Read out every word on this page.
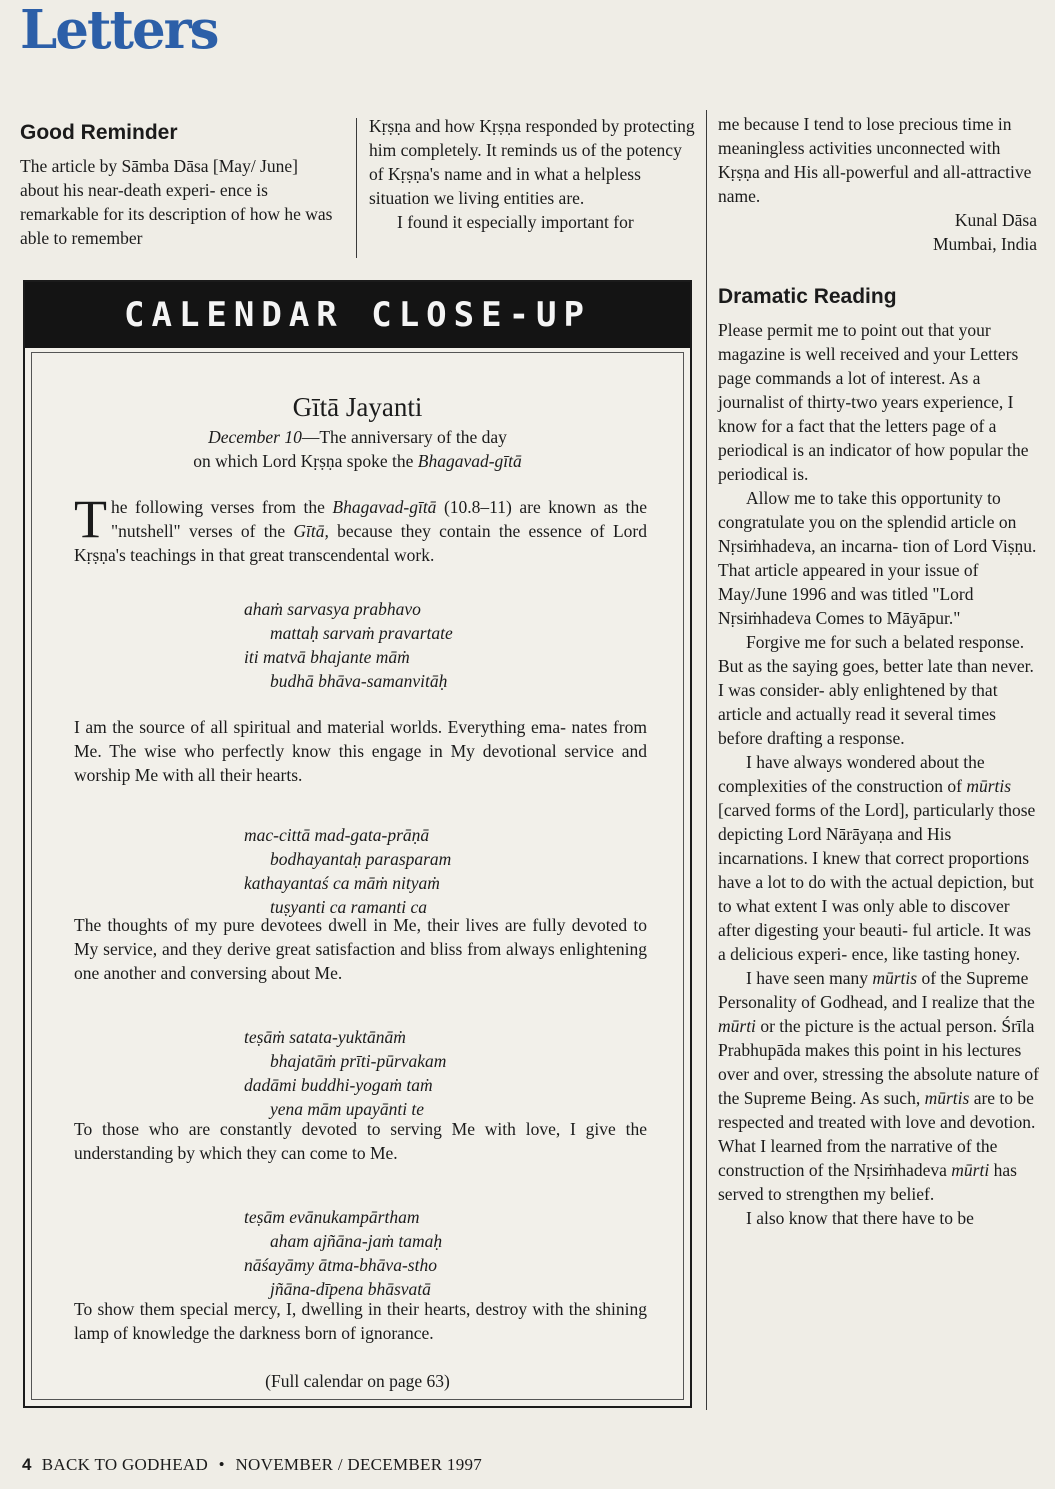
Letters
Good Reminder

The article by Sāmba Dāsa [May/ June] about his near-death experi- ence is remarkable for its description of how he was able to remember

Kṛṣṇa and how Kṛṣṇa responded by protecting him completely. It reminds us of the potency of Kṛṣṇa's name and in what a helpless situation we living entities are.

I found it especially important for

me because I tend to lose precious time in meaningless activities unconnected with Kṛṣṇa and His all-powerful and all-attractive name.

Kunal Dāsa
Mumbai, India
Dramatic Reading

Please permit me to point out that your magazine is well received and your Letters page commands a lot of interest. As a journalist of thirty-two years experience, I know for a fact that the letters page of a periodical is an indicator of how popular the periodical is.

Allow me to take this opportunity to congratulate you on the splendid article on Nṛsiṁhadeva, an incarna- tion of Lord Viṣṇu. That article appeared in your issue of May/June 1996 and was titled "Lord Nṛsiṁhadeva Comes to Māyāpur."

Forgive me for such a belated response. But as the saying goes, better late than never. I was consider- ably enlightened by that article and actually read it several times before drafting a response.

I have always wondered about the complexities of the construction of mūrtis [carved forms of the Lord], particularly those depicting Lord Nārāyaṇa and His incarnations. I knew that correct proportions have a lot to do with the actual depiction, but to what extent I was only able to discover after digesting your beauti- ful article. It was a delicious experi- ence, like tasting honey.

I have seen many mūrtis of the Supreme Personality of Godhead, and I realize that the mūrti or the picture is the actual person. Śrīla Prabhupāda makes this point in his lectures over and over, stressing the absolute nature of the Supreme Being. As such, mūrtis are to be respected and treated with love and devotion. What I learned from the narrative of the construction of the Nṛsiṁhadeva mūrti has served to strengthen my belief.

I also know that there have to be

CALENDAR CLOSE-UP
Gītā Jayanti
December 10—The anniversary of the day
on which Lord Kṛṣṇa spoke the Bhagavad-gītā
The following verses from the Bhagavad-gītā (10.8–11) are known as the "nutshell" verses of the Gītā, because they contain the essence of Lord Kṛṣṇa's teachings in that great transcendental work.
ahaṁ sarvasya prabhavo
mattaḥ sarvaṁ pravartate
iti matvā bhajante māṁ
budhā bhāva-samanvitāḥ
I am the source of all spiritual and material worlds. Everything ema- nates from Me. The wise who perfectly know this engage in My devotional service and worship Me with all their hearts.
mac-cittā mad-gata-prāṇā
bodhayantaḥ parasparam
kathayantaś ca māṁ nityaṁ
tuṣyanti ca ramanti ca
The thoughts of my pure devotees dwell in Me, their lives are fully devoted to My service, and they derive great satisfaction and bliss from always enlightening one another and conversing about Me.
teṣāṁ satata-yuktānāṁ
bhajatāṁ prīti-pūrvakam
dadāmi buddhi-yogaṁ taṁ
yena mām upayānti te
To those who are constantly devoted to serving Me with love, I give the understanding by which they can come to Me.
teṣām evānukampārtham
aham ajñāna-jaṁ tamaḥ
nāśayāmy ātma-bhāva-stho
jñāna-dīpena bhāsvatā
To show them special mercy, I, dwelling in their hearts, destroy with the shining lamp of knowledge the darkness born of ignorance.
(Full calendar on page 63)
4 BACK TO GODHEAD • NOVEMBER / DECEMBER 1997
